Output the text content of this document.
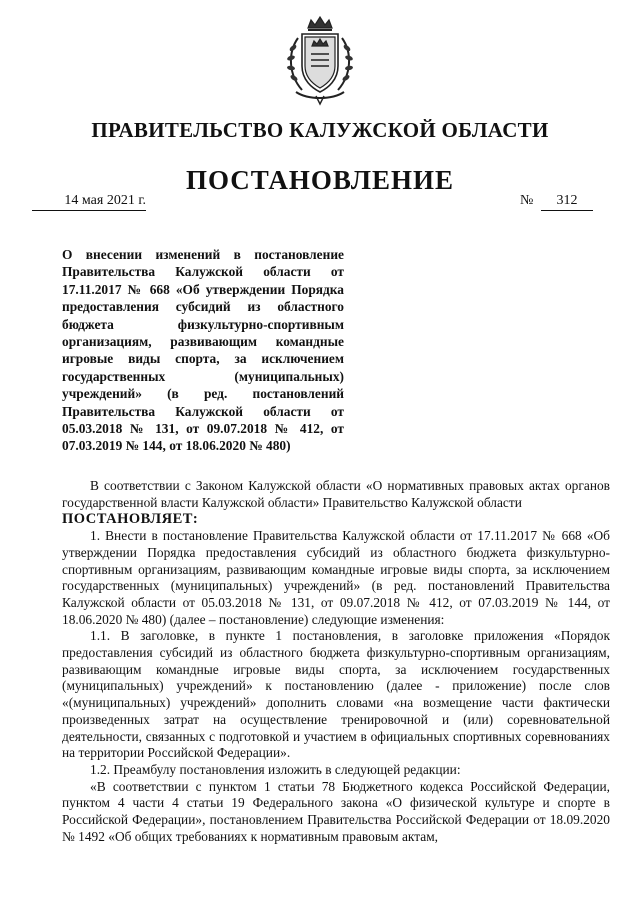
ПРАВИТЕЛЬСТВО КАЛУЖСКОЙ ОБЛАСТИ
ПОСТАНОВЛЕНИЕ
14 мая 2021 г.	№	312
О внесении изменений в постановление Правительства Калужской области от 17.11.2017 № 668 «Об утверждении Порядка предоставления субсидий из областного бюджета физкультурно-спортивным организациям, развивающим командные игровые виды спорта, за исключением государственных (муниципальных) учреждений» (в ред. постановлений Правительства Калужской области от 05.03.2018 № 131, от 09.07.2018 № 412, от 07.03.2019 № 144, от 18.06.2020 № 480)

В соответствии с Законом Калужской области «О нормативных правовых актах органов государственной власти Калужской области» Правительство Калужской области

ПОСТАНОВЛЯЕТ:

1. Внести в постановление Правительства Калужской области от 17.11.2017 № 668 «Об утверждении Порядка предоставления субсидий из областного бюджета физкультурно-спортивным организациям, развивающим командные игровые виды спорта, за исключением государственных (муниципальных) учреждений» (в ред. постановлений Правительства Калужской области от 05.03.2018 № 131, от 09.07.2018 № 412, от 07.03.2019 № 144, от 18.06.2020 № 480) (далее – постановление) следующие изменения:

1.1. В заголовке, в пункте 1 постановления, в заголовке приложения «Порядок предоставления субсидий из областного бюджета физкультурно-спортивным организациям, развивающим командные игровые виды спорта, за исключением государственных (муниципальных) учреждений» к постановлению (далее - приложение) после слов «(муниципальных) учреждений» дополнить словами «на возмещение части фактически произведенных затрат на осуществление тренировочной и (или) соревновательной деятельности, связанных с подготовкой и участием в официальных спортивных соревнованиях на территории Российской Федерации».

1.2. Преамбулу постановления изложить в следующей редакции:

«В соответствии с пунктом 1 статьи 78 Бюджетного кодекса Российской Федерации, пунктом 4 части 4 статьи 19 Федерального закона «О физической культуре и спорте в Российской Федерации», постановлением Правительства Российской Федерации от 18.09.2020 № 1492 «Об общих требованиях к нормативным правовым актам,
